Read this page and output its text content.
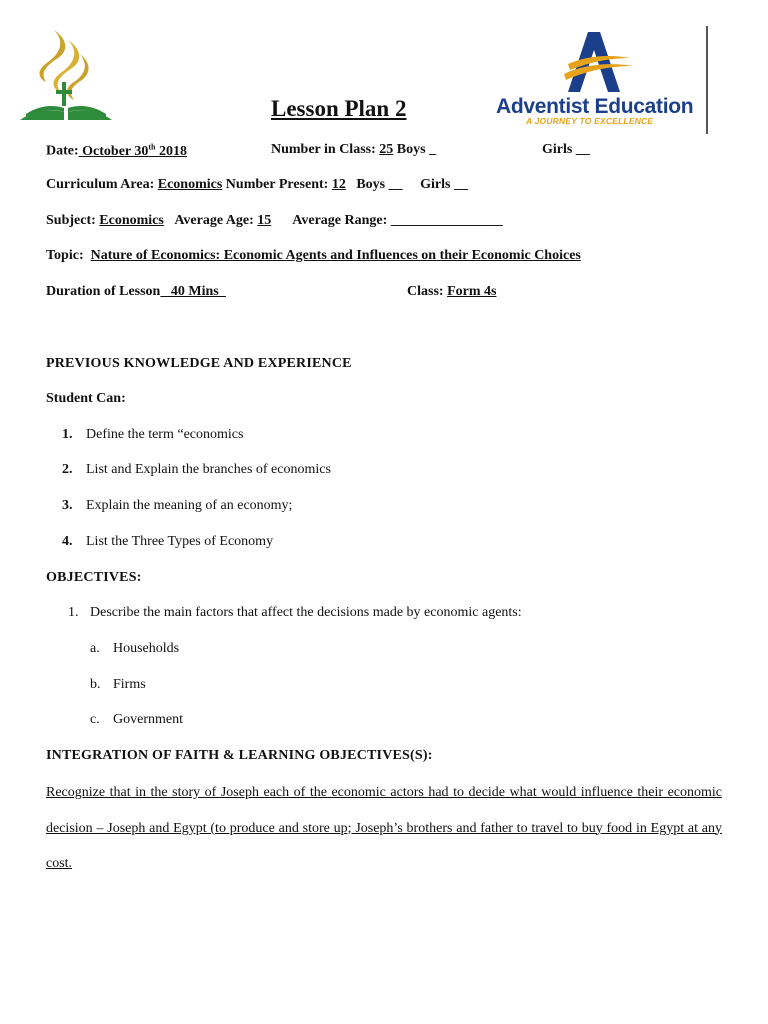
Lesson Plan 2	Adventist Education
A JOURNEY TO EXCELLENCE
Date: October 30th 2018	Number in Class: 25 Boys _	Girls __
Curriculum Area: Economics Number Present: 12 Boys __ Girls __
Subject: Economics Average Age: 15 Average Range: ________________
Topic: Nature of Economics: Economic Agents and Influences on their Economic Choices
Duration of Lesson _40 Mins_	Class: Form 4s
PREVIOUS KNOWLEDGE AND EXPERIENCE
Student Can:
1. Define the term “economics
2. List and Explain the branches of economics
3. Explain the meaning of an economy;
4. List the Three Types of Economy
OBJECTIVES:
1. Describe the main factors that affect the decisions made by economic agents:
a. Households
b. Firms
c. Government
INTEGRATION OF FAITH & LEARNING OBJECTIVES(S):
Recognize that in the story of Joseph each of the economic actors had to decide what would influence their economic decision – Joseph and Egypt (to produce and store up; Joseph’s brothers and father to travel to buy food in Egypt at any cost.
